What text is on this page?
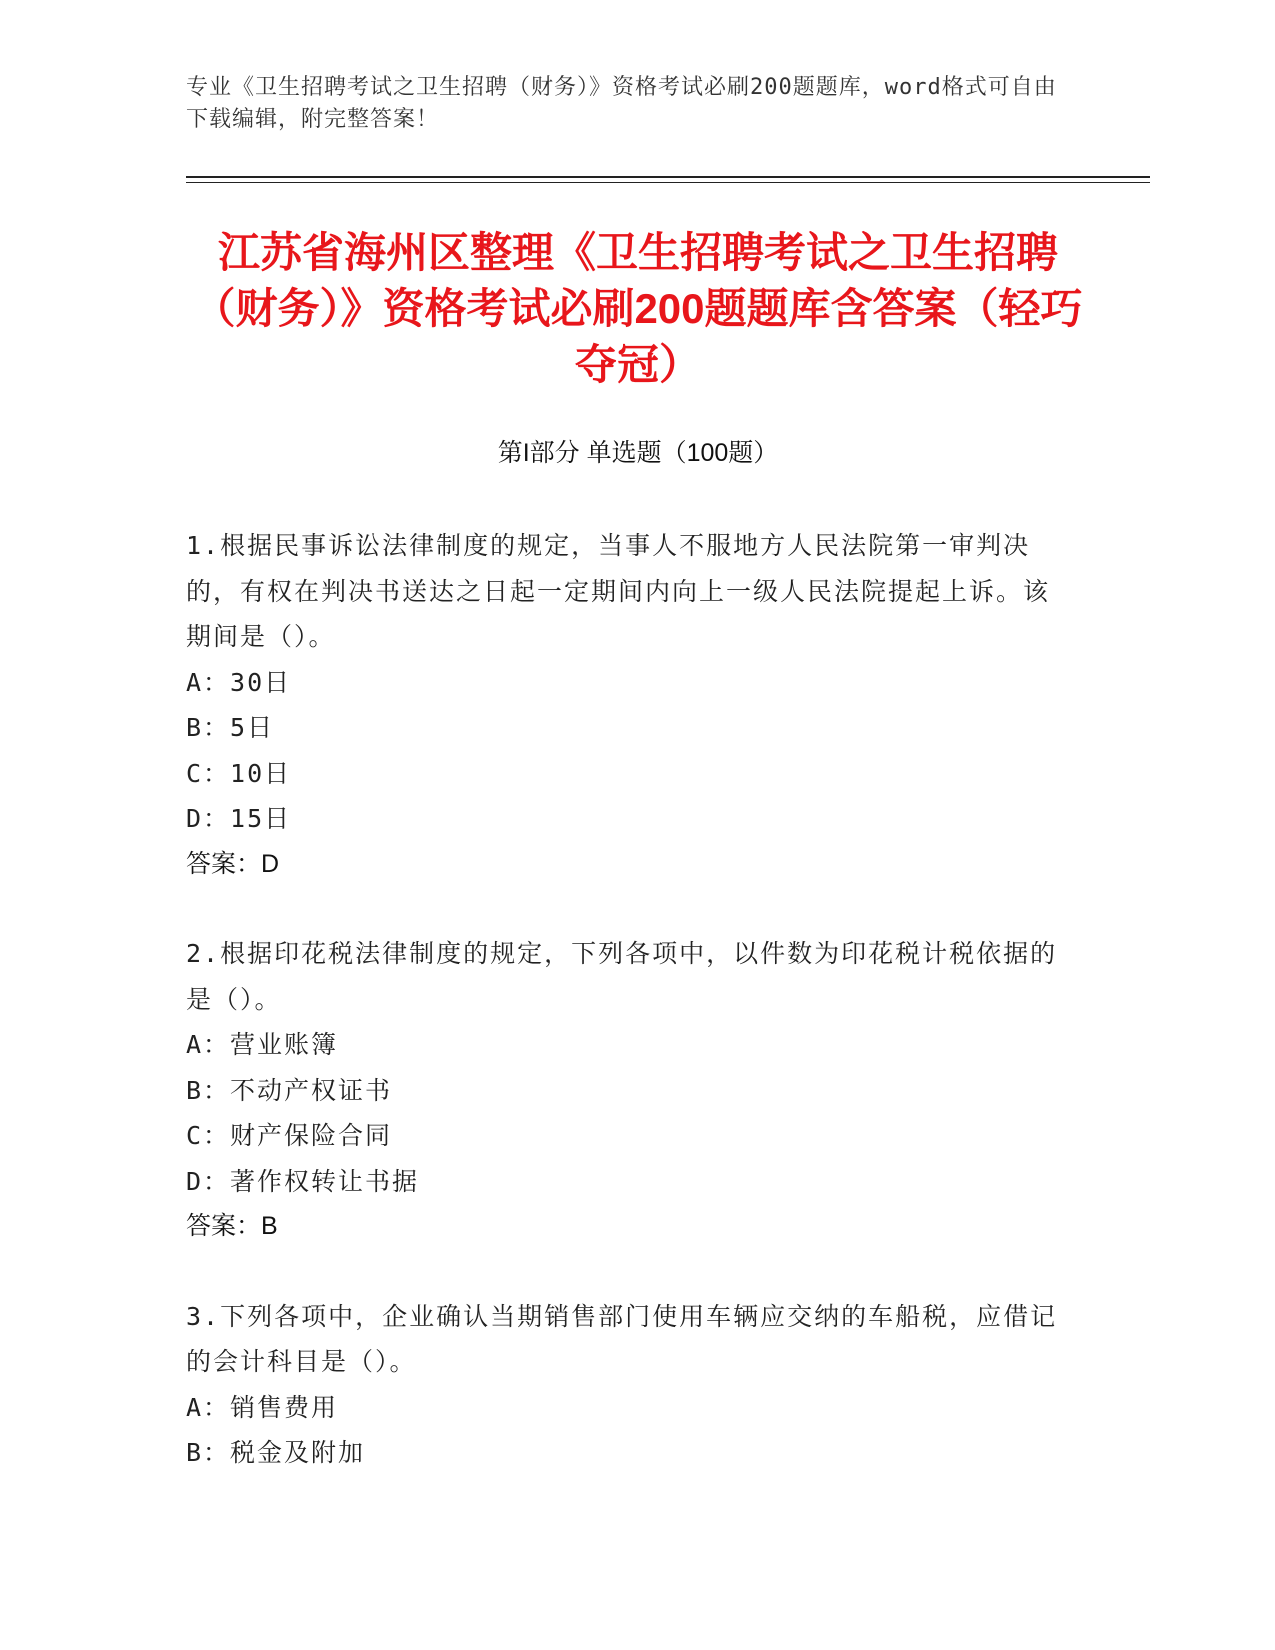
专业《卫生招聘考试之卫生招聘（财务）》资格考试必刷200题题库，word格式可自由下载编辑，附完整答案！
江苏省海州区整理《卫生招聘考试之卫生招聘（财务）》资格考试必刷200题题库含答案（轻巧夺冠）
第I部分 单选题（100题）
1.根据民事诉讼法律制度的规定，当事人不服地方人民法院第一审判决的，有权在判决书送达之日起一定期间内向上一级人民法院提起上诉。该期间是（）。
A：30日
B：5日
C：10日
D：15日
答案：D
2.根据印花税法律制度的规定，下列各项中，以件数为印花税计税依据的是（）。
A：营业账簿
B：不动产权证书
C：财产保险合同
D：著作权转让书据
答案：B
3.下列各项中，企业确认当期销售部门使用车辆应交纳的车船税，应借记的会计科目是（）。
A：销售费用
B：税金及附加
